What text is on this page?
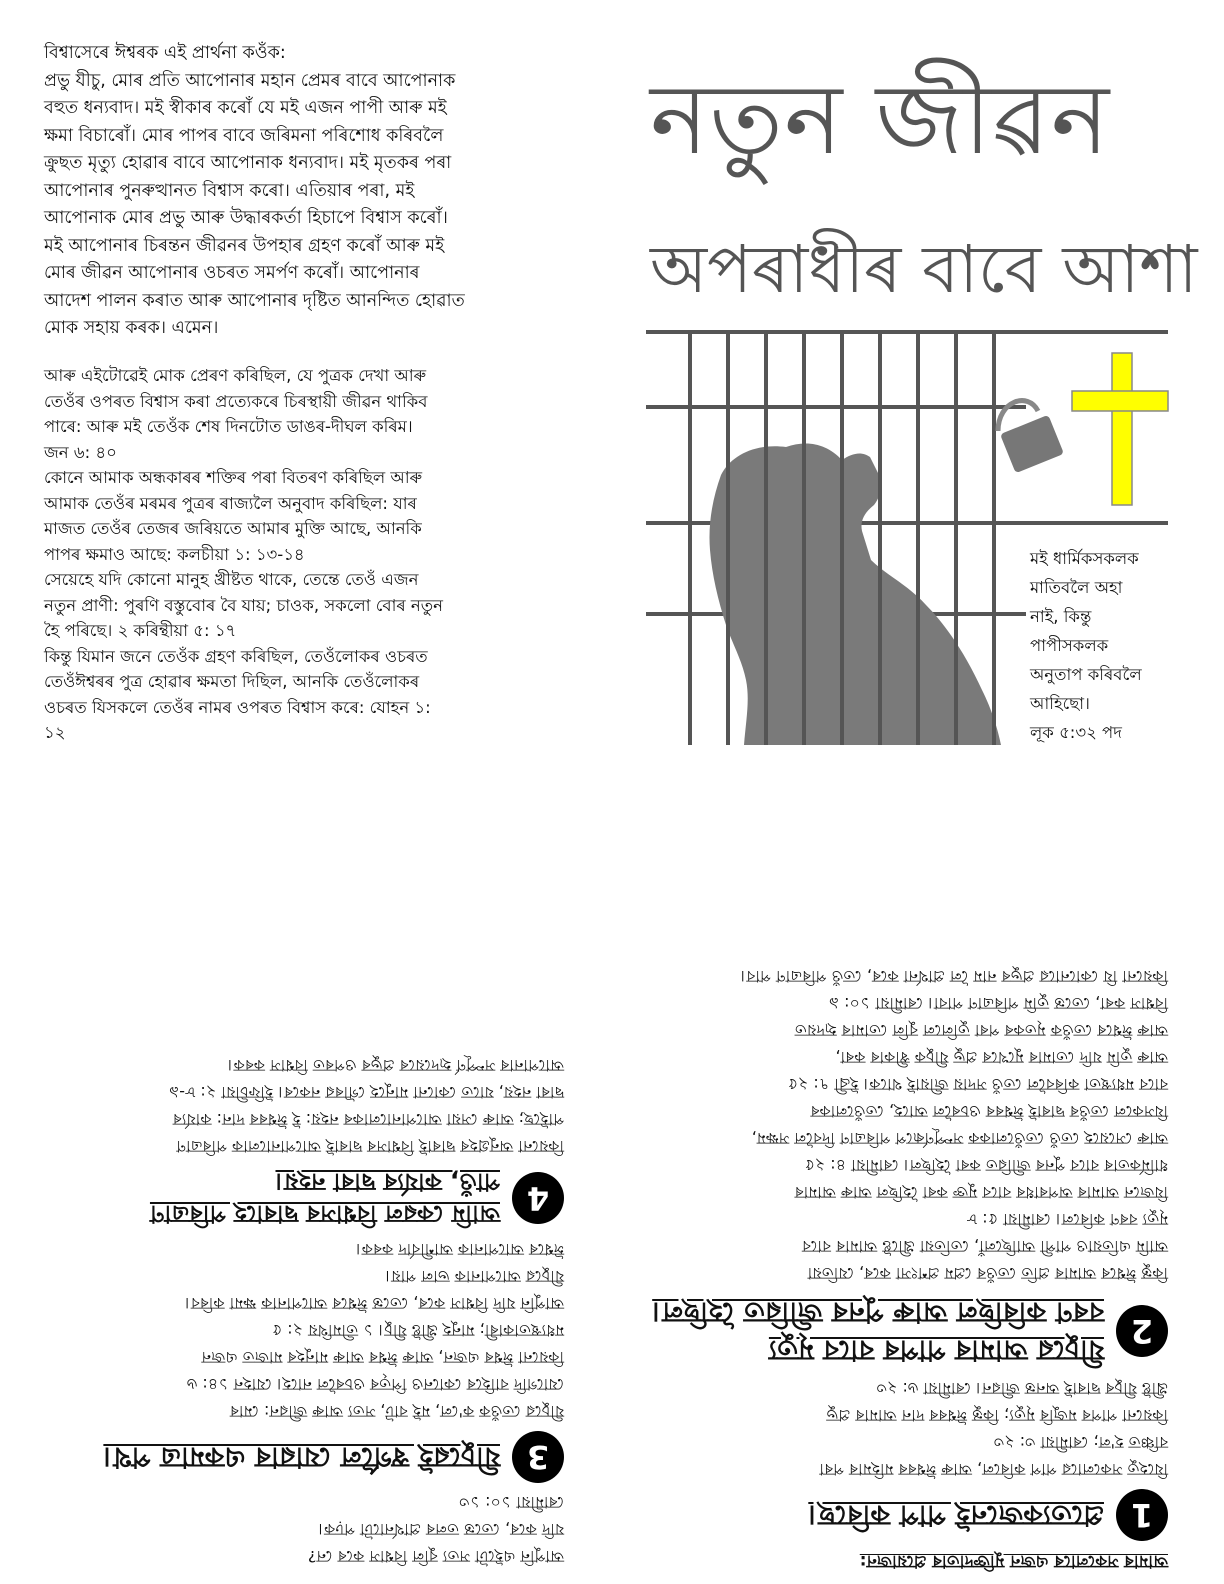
বিশ্বাসেৰে ঈশ্বৰক এই প্ৰাৰ্থনা কওঁক:
প্ৰভু যীচু, মোৰ প্ৰতি আপোনাৰ মহান প্ৰেমৰ বাবে আপোনাক
বহুত ধন্যবাদ। মই স্বীকাৰ কৰোঁ যে মই এজন পাপী আৰু মই
ক্ষমা বিচাৰোঁ। মোৰ পাপৰ বাবে জৰিমনা পৰিশোধ কৰিবলৈ
ক্ৰুছত মৃত্যু হোৱাৰ বাবে আপোনাক ধন্যবাদ। মই মৃতকৰ পৰা
আপোনাৰ পুনৰুত্থানত বিশ্বাস কৰো। এতিয়াৰ পৰা, মই
আপোনাক মোৰ প্ৰভু আৰু উদ্ধাৰকৰ্তা হিচাপে বিশ্বাস কৰোঁ।
মই আপোনাৰ চিৰন্তন জীৱনৰ উপহাৰ গ্ৰহণ কৰোঁ আৰু মই
মোৰ জীৱন আপোনাৰ ওচৰত সমৰ্পণ কৰোঁ। আপোনাৰ
আদেশ পালন কৰাত আৰু আপোনাৰ দৃষ্টিত আনন্দিত হোৱাত
মোক সহায় কৰক। এমেন।
আৰু এইটোৱেই মোক প্ৰেৰণ কৰিছিল, যে পুত্ৰক দেখা আৰু
তেওঁৰ ওপৰত বিশ্বাস কৰা প্ৰত্যেকৰে চিৰস্থায়ী জীৱন থাকিব
পাৰে: আৰু মই তেওঁক শেষ দিনটোত ডাঙৰ-দীঘল কৰিম।
জন ৬: ৪০
কোনে আমাক অন্ধকাৰৰ শক্তিৰ পৰা বিতৰণ কৰিছিল আৰু
আমাক তেওঁৰ মৰমৰ পুত্ৰৰ ৰাজ্যলৈ অনুবাদ কৰিছিল: যাৰ
মাজত তেওঁৰ তেজৰ জৰিয়তে আমাৰ মুক্তি আছে, আনকি
পাপৰ ক্ষমাও আছে: কলচীয়া ১: ১৩-১৪
সেয়েহে যদি কোনো মানুহ খ্ৰীষ্টত থাকে, তেন্তে তেওঁ এজন
নতুন প্ৰাণী: পুৰণি বস্তুবোৰ বৈ যায়; চাওক, সকলো বোৰ নতুন
হৈ পৰিছে। ২ কৰিন্থীয়া ৫: ১৭
কিন্তু যিমান জনে তেওঁক গ্ৰহণ কৰিছিল, তেওঁলোকৰ ওচৰত
তেওঁঈশ্বৰৰ পুত্ৰ হোৱাৰ ক্ষমতা দিছিল, আনকি তেওঁলোকৰ
ওচৰত যিসকলে তেওঁৰ নামৰ ওপৰত বিশ্বাস কৰে: যোহন ১:
১২
নতুন জীৱন
অপৰাধীৰ বাবে আশা
মই ধাৰ্মিকসকলক
মাতিবলৈ অহা
নাই, কিন্তু
পাপীসকলক
অনুতাপ কৰিবলৈ
আহিছো।
লূক ৫:৩২ পদ
আমাৰ সকলোৰে এজন মুক্তিদাতাৰ প্ৰয়োজন:
1
প্ৰত্যেকজনেই পাপ কৰিছে।
যিহেতু সকলোৱে পাপ কৰিলে, আৰু ঈশ্বৰৰ মহিমাৰ পৰা
বঞ্চিত হ'ল; ৰোমীয়া ৩: ২৩
কিয়নো পাপৰ মজুৰি মৃত্যু; কিন্তু ঈশ্বৰৰ দান আমাৰ প্ৰভু
খ্ৰীষ্ট যীচুৰ দ্বাৰাই অনন্ত জীৱন। ৰোমীয়া ৬: ২৩
2
যীচুৱে আমাৰ পাপৰ বাবে মৃত্যু
বৰণ কৰিছিল আৰু পুনৰ জীৱিত হৈছিল।
কিন্তু ঈশ্বৰে আমাৰ প্ৰতি তেওঁৰ প্ৰেম প্ৰশংসা কৰে, যেতিয়া
আমি এতিয়াও পাপী আছিলোঁ, তেতিয়া খ্ৰীষ্টে আমাৰ বাবে
মৃত্যু বৰণ কৰিলে। ৰোমীয়া ৫: ৮
যিজনে আমাৰ অপৰাধৰ বাবে মুক্ত কৰা হৈছিল আৰু আমাৰ
ধাৰ্মিকতাৰ বাবে পুনৰ জীৱিত কৰা হৈছিল। ৰোমীয়া ৪: ২৫
আৰু সেয়েহে তেওঁ তেওঁলোকক সম্পূৰ্ণৰূপে পৰিত্ৰাণ দিবলৈ সক্ষম,
যিসকলে তেওঁৰ দ্বাৰাই ঈশ্বৰৰ ওচৰলৈ আহে, তেওঁলোকৰ
বাবে মধ্যস্থতা কৰিবলৈ তেওঁ সদায় জীয়াই থাকে। ইব্ৰী ৭: ২৫
আৰু তুমি যদি তোমাৰ মুখেৰে প্ৰভু যীচুক স্বীকাৰ কৰা,
আৰু ঈশ্বৰে তেওঁক মৃতকৰ পৰা তুলিলে বুলি তোমাৰ হৃদয়ত
বিশ্বাস কৰা, তেন্তে তুমি পৰিত্ৰাণ পাবা। ৰোমীয়া ১০: ৯
কিয়নো যি কোনোৱে প্ৰভুৰ নাম লৈ প্ৰাৰ্থনা কৰে, তেওঁ পৰিত্ৰাণ পাব।
আপুনি এইটো সত্য বুলি বিশ্বাস কৰে নে?
যদি কৰে, তেন্তে তলৰ প্ৰাৰ্থনাটো পঢ়ক।
ৰোমীয়া ১০: ১৩
3
যীচুৱেই স্বৰ্গলৈ যোৱাৰ একমাত্ৰ পথ।
যীচুৱে তেওঁক ক'লে, মই বাট, সত্য আৰু জীৱন: মোৰ
যোগেদি বাহিৰে কোনেও পিতৃৰ ওচৰলৈ নাহে। যোহন ১৪: ৬
কিয়নো ঈশ্বৰ এজন, আৰু ঈশ্বৰ আৰু মানুহৰ মাজত এজন
মধ্যস্থতাকাৰী; মানুহ খ্ৰীষ্ট যীচু। ১ তীমথিয় ২: ৫
আপুনি যদি বিশ্বাস কৰে, তেন্তে ঈশ্বৰে আপোনাক ক্ষমা কৰিব।
যীচুৱে আপোনাক ভাল পায়।
ঈশ্বৰে আপোনাক আশীৰ্বাদ কৰক।
4
আমি কেৱল বিশ্বাসৰ দ্বাৰাহে পৰিত্ৰাণ
পাওঁ, কাৰ্য্যৰ দ্বাৰা নহয়।
কিয়নো অনুগ্ৰহৰ দ্বাৰাই বিশ্বাসৰ দ্বাৰাই আপোনালোক পৰিত্ৰাণ
পাইছে; আৰু সেয়া আপোনালোকৰ নহয়: ই ঈশ্বৰৰ দান: কাৰ্য্যৰ
দ্বাৰা নহয়, যাতে কোনো মানুহে গৌৰৱ নকৰে। ইফিচীয়া ২: ৮-৯
আপোনাৰ সম্পূৰ্ণ হৃদয়েৰে প্ৰভুৰ ওপৰত বিশ্বাস কৰক।
